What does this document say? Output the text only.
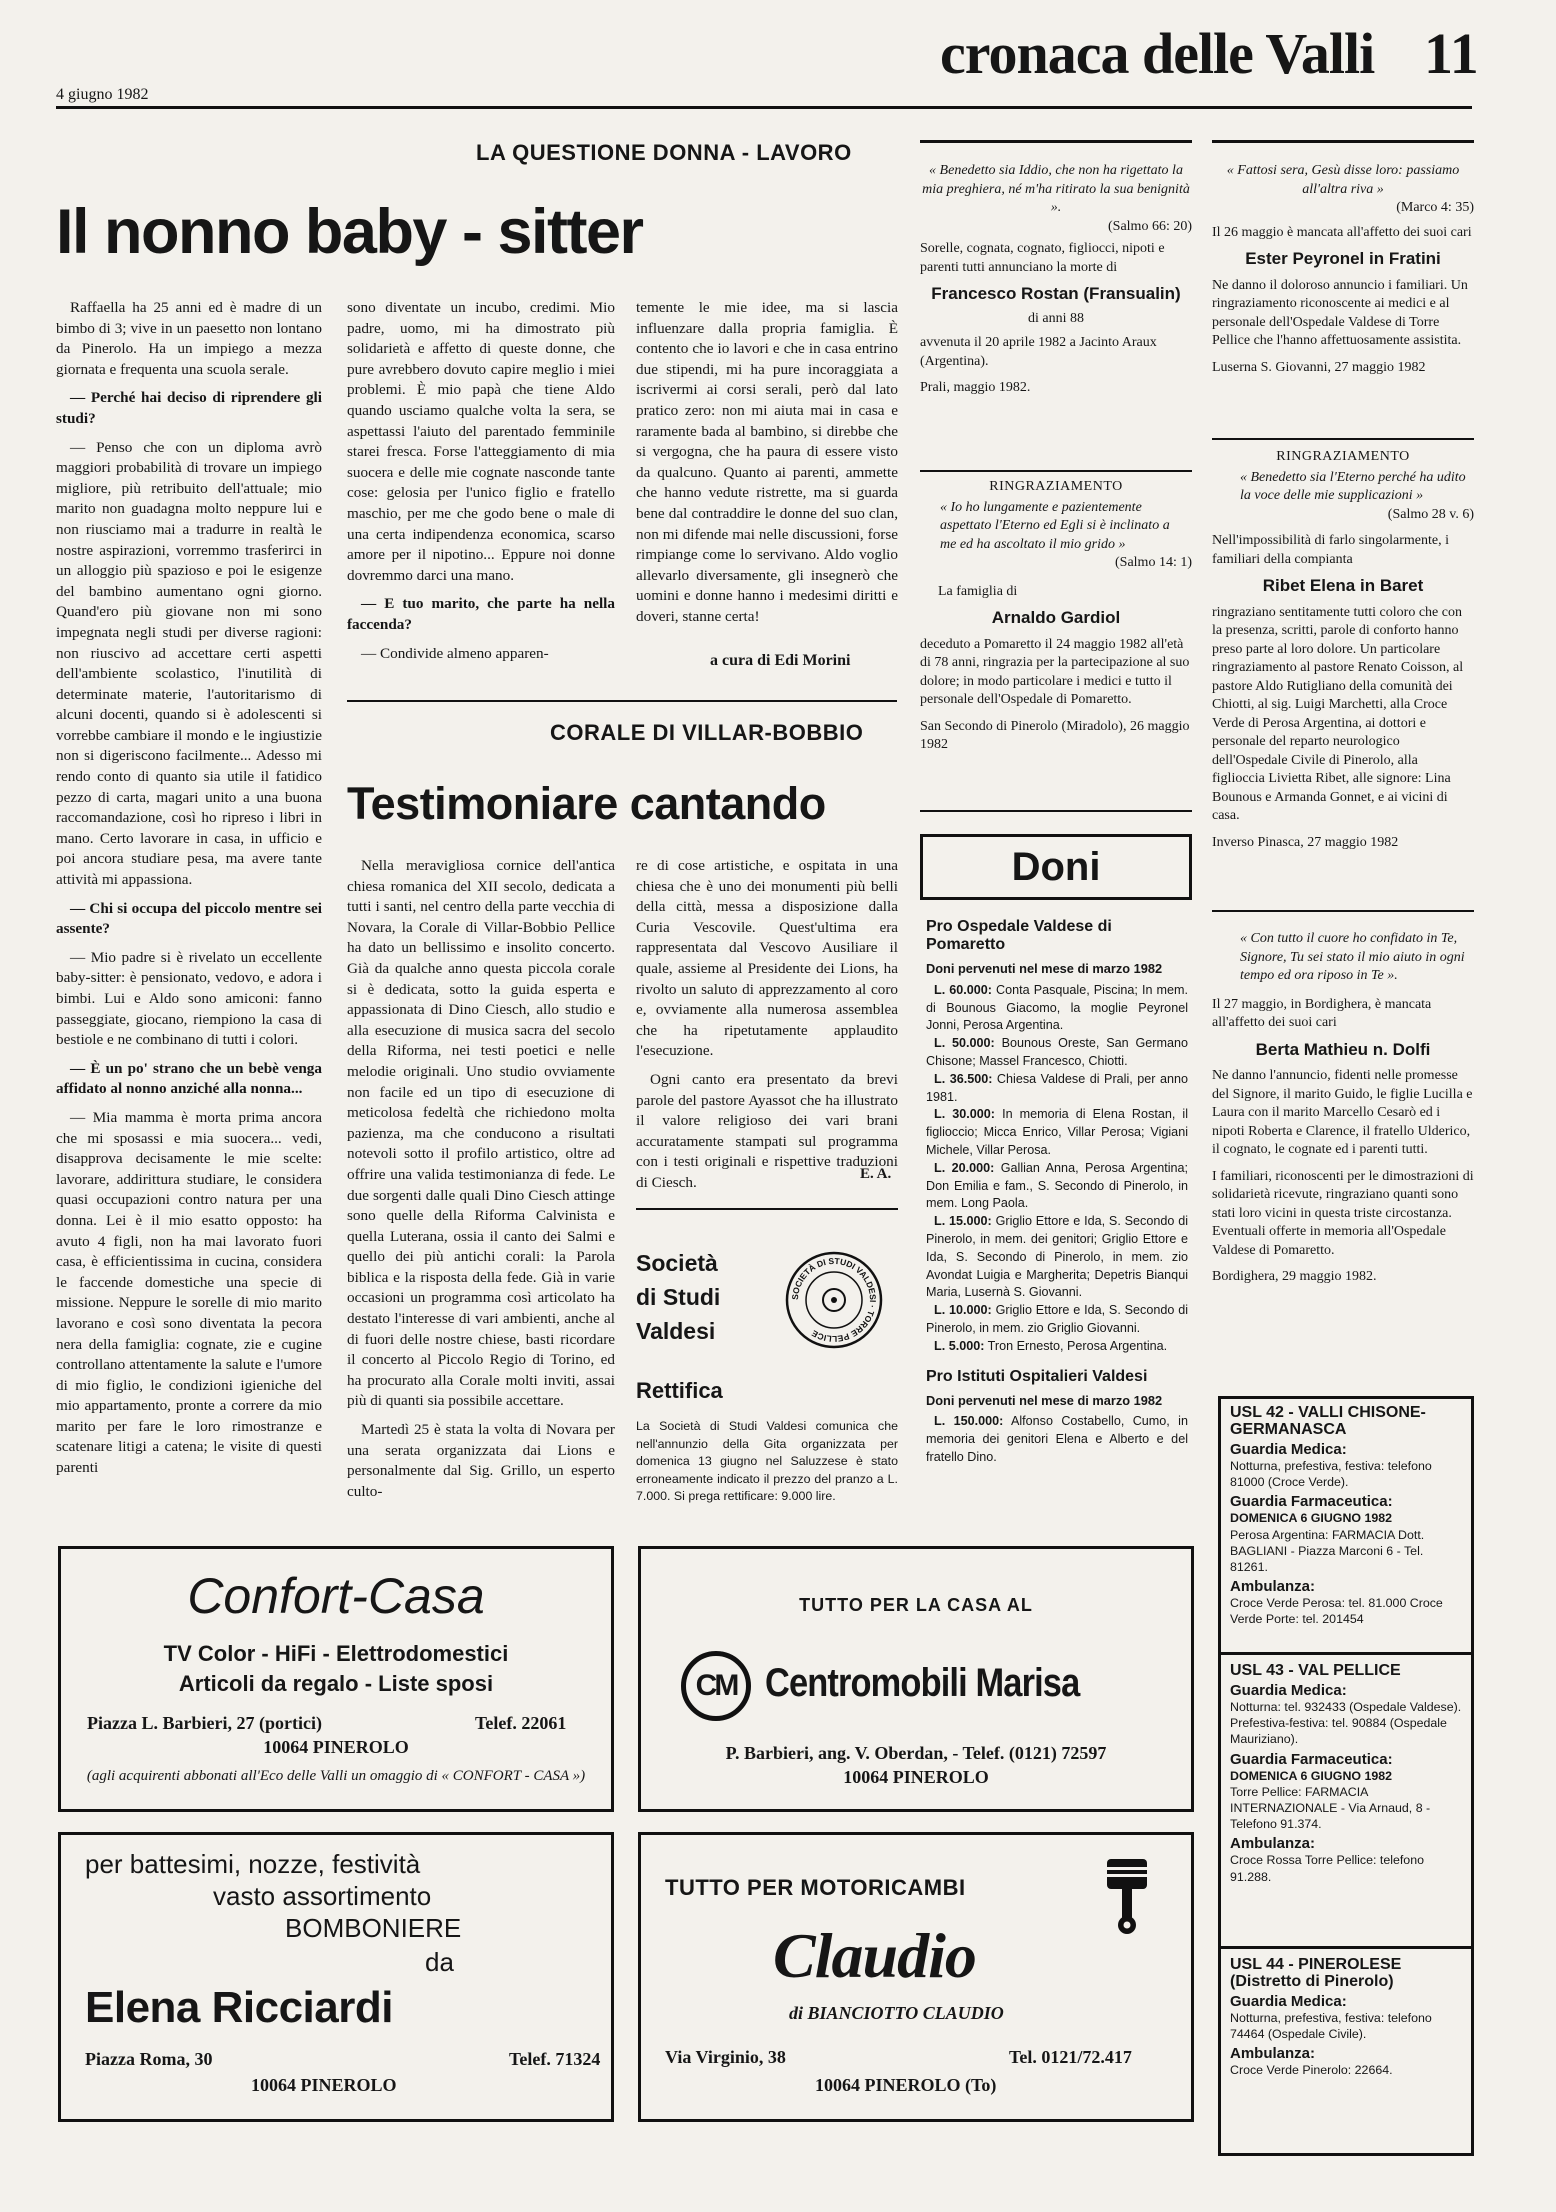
4 giugno 1982
cronaca delle Valli 11
LA QUESTIONE DONNA - LAVORO
Il nonno baby - sitter

Raffaella ha 25 anni ed è madre di un bimbo di 3; vive in un paesetto non lontano da Pinerolo. Ha un impiego a mezza giornata e frequenta una scuola serale.

— Perché hai deciso di riprendere gli studi?

— Penso che con un diploma avrò maggiori probabilità di trovare un impiego migliore, più retribuito dell'attuale; mio marito non guadagna molto neppure lui e non riusciamo mai a tradurre in realtà le nostre aspirazioni, vorremmo trasferirci in un alloggio più spazioso e poi le esigenze del bambino aumentano ogni giorno. Quand'ero più giovane non mi sono impegnata negli studi per diverse ragioni: non riuscivo ad accettare certi aspetti dell'ambiente scolastico, l'inutilità di determinate materie, l'autoritarismo di alcuni docenti, quando si è adolescenti si vorrebbe cambiare il mondo e le ingiustizie non si digeriscono facilmente... Adesso mi rendo conto di quanto sia utile il fatidico pezzo di carta, magari unito a una buona raccomandazione, così ho ripreso i libri in mano. Certo lavorare in casa, in ufficio e poi ancora studiare pesa, ma avere tante attività mi appassiona.

— Chi si occupa del piccolo mentre sei assente?

— Mio padre si è rivelato un eccellente baby-sitter: è pensionato, vedovo, e adora i bimbi. Lui e Aldo sono amiconi: fanno passeggiate, giocano, riempiono la casa di bestiole e ne combinano di tutti i colori.

— È un po' strano che un bebè venga affidato al nonno anziché alla nonna...

— Mia mamma è morta prima ancora che mi sposassi e mia suocera... vedi, disapprova decisamente le mie scelte: lavorare, addirittura studiare, le considera quasi occupazioni contro natura per una donna. Lei è il mio esatto opposto: ha avuto 4 figli, non ha mai lavorato fuori casa, è efficientissima in cucina, considera le faccende domestiche una specie di missione. Neppure le sorelle di mio marito lavorano e così sono diventata la pecora nera della famiglia: cognate, zie e cugine controllano attentamente la salute e l'umore di mio figlio, le condizioni igieniche del mio appartamento, pronte a correre da mio marito per fare le loro rimostranze e scatenare litigi a catena; le visite di questi parenti

sono diventate un incubo, credimi. Mio padre, uomo, mi ha dimostrato più solidarietà e affetto di queste donne, che pure avrebbero dovuto capire meglio i miei problemi. È mio papà che tiene Aldo quando usciamo qualche volta la sera, se aspettassi l'aiuto del parentado femminile starei fresca. Forse l'atteggiamento di mia suocera e delle mie cognate nasconde tante cose: gelosia per l'unico figlio e fratello maschio, per me che godo bene o male di una certa indipendenza economica, scarso amore per il nipotino... Eppure noi donne dovremmo darci una mano.

— E tuo marito, che parte ha nella faccenda?

— Condivide almeno apparen-

temente le mie idee, ma si lascia influenzare dalla propria famiglia. È contento che io lavori e che in casa entrino due stipendi, mi ha pure incoraggiata a iscrivermi ai corsi serali, però dal lato pratico zero: non mi aiuta mai in casa e raramente bada al bambino, si direbbe che si vergogna, che ha paura di essere visto da qualcuno. Quanto ai parenti, ammette che hanno vedute ristrette, ma si guarda bene dal contraddire le donne del suo clan, non mi difende mai nelle discussioni, forse rimpiange come lo servivano. Aldo voglio allevarlo diversamente, gli insegnerò che uomini e donne hanno i medesimi diritti e doveri, stanne certa!

a cura di Edi Morini
CORALE DI VILLAR-BOBBIO
Testimoniare cantando

Nella meravigliosa cornice dell'antica chiesa romanica del XII secolo, dedicata a tutti i santi, nel centro della parte vecchia di Novara, la Corale di Villar-Bobbio Pellice ha dato un bellissimo e insolito concerto. Già da qualche anno questa piccola corale si è dedicata, sotto la guida esperta e appassionata di Dino Ciesch, allo studio e alla esecuzione di musica sacra del secolo della Riforma, nei testi poetici e nelle melodie originali. Uno studio ovviamente non facile ed un tipo di esecuzione di meticolosa fedeltà che richiedono molta pazienza, ma che conducono a risultati notevoli sotto il profilo artistico, oltre ad offrire una valida testimonianza di fede. Le due sorgenti dalle quali Dino Ciesch attinge sono quelle della Riforma Calvinista e quella Luterana, ossia il canto dei Salmi e quello dei più antichi corali: la Parola biblica e la risposta della fede. Già in varie occasioni un programma così articolato ha destato l'interesse di vari ambienti, anche al di fuori delle nostre chiese, basti ricordare il concerto al Piccolo Regio di Torino, ed ha procurato alla Corale molti inviti, assai più di quanti sia possibile accettare.

Martedì 25 è stata la volta di Novara per una serata organizzata dai Lions e personalmente dal Sig. Grillo, un esperto culto-

re di cose artistiche, e ospitata in una chiesa che è uno dei monumenti più belli della città, messa a disposizione dalla Curia Vescovile. Quest'ultima era rappresentata dal Vescovo Ausiliare il quale, assieme al Presidente dei Lions, ha rivolto un saluto di apprezzamento al coro e, ovviamente alla numerosa assemblea che ha ripetutamente applaudito l'esecuzione.

Ogni canto era presentato da brevi parole del pastore Ayassot che ha illustrato il valore religioso dei vari brani accuratamente stampati sul programma con i testi originali e rispettive traduzioni di Ciesch.	E. A.
Società
di Studi
Valdesi
SOCIETÀ DI STUDI VALDESI · TORRE PELLICE
Rettifica
La Società di Studi Valdesi comunica che nell'annunzio della Gita organizzata per domenica 13 giugno nel Saluzzese è stato erroneamente indicato il prezzo del pranzo a L. 7.000. Si prega rettificare: 9.000 lire.
« Benedetto sia Iddio, che non ha rigettato la mia preghiera, né m'ha ritirato la sua benignità ».
(Salmo 66: 20)

Sorelle, cognata, cognato, figliocci, nipoti e parenti tutti annunciano la morte di

Francesco Rostan (Fransualin)
di anni 88

avvenuta il 20 aprile 1982 a Jacinto Araux (Argentina).

Prali, maggio 1982.
RINGRAZIAMENTO
« Io ho lungamente e pazientemente aspettato l'Eterno ed Egli si è inclinato a me ed ha ascoltato il mio grido »
(Salmo 14: 1)

La famiglia di

Arnaldo Gardiol

deceduto a Pomaretto il 24 maggio 1982 all'età di 78 anni, ringrazia per la partecipazione al suo dolore; in modo particolare i medici e tutto il personale dell'Ospedale di Pomaretto.

San Secondo di Pinerolo (Miradolo), 26 maggio 1982
Doni
Pro Ospedale Valdese di Pomaretto
Doni pervenuti nel mese di marzo 1982

L. 60.000: Conta Pasquale, Piscina; In mem. di Bounous Giacomo, la moglie Peyronel Jonni, Perosa Argentina.

L. 50.000: Bounous Oreste, San Germano Chisone; Massel Francesco, Chiotti.

L. 36.500: Chiesa Valdese di Prali, per anno 1981.

L. 30.000: In memoria di Elena Rostan, il figlioccio; Micca Enrico, Villar Perosa; Vigiani Michele, Villar Perosa.

L. 20.000: Gallian Anna, Perosa Argentina; Don Emilia e fam., S. Secondo di Pinerolo, in mem. Long Paola.

L. 15.000: Griglio Ettore e Ida, S. Secondo di Pinerolo, in mem. dei genitori; Griglio Ettore e Ida, S. Secondo di Pinerolo, in mem. zio Avondat Luigia e Margherita; Depetris Bianqui Maria, Lusernà S. Giovanni.

L. 10.000: Griglio Ettore e Ida, S. Secondo di Pinerolo, in mem. zio Griglio Giovanni.

L. 5.000: Tron Ernesto, Perosa Argentina.

Pro Istituti Ospitalieri Valdesi
Doni pervenuti nel mese di marzo 1982

L. 150.000: Alfonso Costabello, Cumo, in memoria dei genitori Elena e Alberto e del fratello Dino.

« Fattosi sera, Gesù disse loro: passiamo all'altra riva »
(Marco 4: 35)

Il 26 maggio è mancata all'affetto dei suoi cari

Ester Peyronel in Fratini

Ne danno il doloroso annuncio i familiari. Un ringraziamento riconoscente ai medici e al personale dell'Ospedale Valdese di Torre Pellice che l'hanno affettuosamente assistita.

Luserna S. Giovanni, 27 maggio 1982
RINGRAZIAMENTO
« Benedetto sia l'Eterno perché ha udito la voce delle mie supplicazioni »
(Salmo 28 v. 6)

Nell'impossibilità di farlo singolarmente, i familiari della compianta

Ribet Elena in Baret

ringraziano sentitamente tutti coloro che con la presenza, scritti, parole di conforto hanno preso parte al loro dolore. Un particolare ringraziamento al pastore Renato Coisson, al pastore Aldo Rutigliano della comunità dei Chiotti, al sig. Luigi Marchetti, alla Croce Verde di Perosa Argentina, ai dottori e personale del reparto neurologico dell'Ospedale Civile di Pinerolo, alla figlioccia Livietta Ribet, alle signore: Lina Bounous e Armanda Gonnet, e ai vicini di casa.

Inverso Pinasca, 27 maggio 1982
« Con tutto il cuore ho confidato in Te, Signore, Tu sei stato il mio aiuto in ogni tempo ed ora riposo in Te ».

Il 27 maggio, in Bordighera, è mancata all'affetto dei suoi cari

Berta Mathieu n. Dolfi

Ne danno l'annuncio, fidenti nelle promesse del Signore, il marito Guido, le figlie Lucilla e Laura con il marito Marcello Cesarò ed i nipoti Roberta e Clarence, il fratello Ulderico, il cognato, le cognate ed i parenti tutti.

I familiari, riconoscenti per le dimostrazioni di solidarietà ricevute, ringraziano quanti sono stati loro vicini in questa triste circostanza. Eventuali offerte in memoria all'Ospedale Valdese di Pomaretto.

Bordighera, 29 maggio 1982.
USL 42 - VALLI CHISONE-GERMANASCA
Guardia Medica:

Notturna, prefestiva, festiva: telefono 81000 (Croce Verde).

Guardia Farmaceutica:

DOMENICA 6 GIUGNO 1982

Perosa Argentina: FARMACIA Dott. BAGLIANI - Piazza Marconi 6 - Tel. 81261.

Ambulanza:

Croce Verde Perosa: tel. 81.000 Croce Verde Porte: tel. 201454

USL 43 - VAL PELLICE
Guardia Medica:

Notturna: tel. 932433 (Ospedale Valdese). Prefestiva-festiva: tel. 90884 (Ospedale Mauriziano).

Guardia Farmaceutica:

DOMENICA 6 GIUGNO 1982

Torre Pellice: FARMACIA INTERNAZIONALE - Via Arnaud, 8 - Telefono 91.374.

Ambulanza:

Croce Rossa Torre Pellice: telefono 91.288.

USL 44 - PINEROLESE (Distretto di Pinerolo)
Guardia Medica:

Notturna, prefestiva, festiva: telefono 74464 (Ospedale Civile).

Ambulanza:

Croce Verde Pinerolo: 22664.

Confort-Casa
TV Color - HiFi - Elettrodomestici
Articoli da regalo - Liste sposi
Piazza L. Barbieri, 27 (portici)	Telef. 22061
10064 PINEROLO
(agli acquirenti abbonati all'Eco delle Valli un omaggio di « CONFORT - CASA »)
TUTTO PER LA CASA AL
CM Centromobili Marisa
P. Barbieri, ang. V. Oberdan, - Telef. (0121) 72597
10064 PINEROLO
per battesimi, nozze, festività
vasto assortimento
BOMBONIERE
da
Elena Ricciardi
Piazza Roma, 30	Telef. 71324
10064 PINEROLO
TUTTO PER MOTORICAMBI
Claudio
di BIANCIOTTO CLAUDIO
Via Virginio, 38	Tel. 0121/72.417
10064 PINEROLO (To)
